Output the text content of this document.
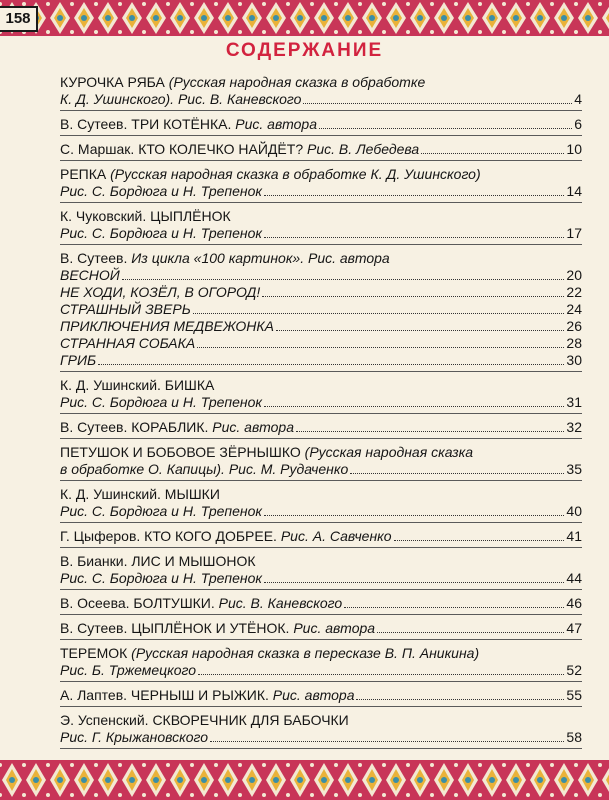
158
СОДЕРЖАНИЕ
КУРОЧКА РЯБА (Русская народная сказка в обработке
К. Д. Ушинского). Рис. В. Каневского	4
В. Сутеев. ТРИ КОТЁНКА. Рис. автора	6
С. Маршак. КТО КОЛЕЧКО НАЙДЁТ? Рис. В. Лебедева	10
РЕПКА (Русская народная сказка в обработке К. Д. Ушинского)
Рис. С. Бордюга и Н. Трепенок	14
К. Чуковский. ЦЫПЛЁНОК
Рис. С. Бордюга и Н. Трепенок	17
В. Сутеев. Из цикла «100 картинок». Рис. автора
ВЕСНОЙ	20
НЕ ХОДИ, КОЗЁЛ, В ОГОРОД!	22
СТРАШНЫЙ ЗВЕРЬ	24
ПРИКЛЮЧЕНИЯ МЕДВЕЖОНКА	26
СТРАННАЯ СОБАКА	28
ГРИБ	30
К. Д. Ушинский. БИШКА
Рис. С. Бордюга и Н. Трепенок	31
В. Сутеев. КОРАБЛИК. Рис. автора	32
ПЕТУШОК И БОБОВОЕ ЗЁРНЫШКО (Русская народная сказка
в обработке О. Капицы). Рис. М. Рудаченко	35
К. Д. Ушинский. МЫШКИ
Рис. С. Бордюга и Н. Трепенок	40
Г. Цыферов. КТО КОГО ДОБРЕЕ. Рис. А. Савченко	41
В. Бианки. ЛИС И МЫШОНОК
Рис. С. Бордюга и Н. Трепенок	44
В. Осеева. БОЛТУШКИ. Рис. В. Каневского	46
В. Сутеев. ЦЫПЛЁНОК И УТЁНОК. Рис. автора	47
ТЕРЕМОК (Русская народная сказка в пересказе В. П. Аникина)
Рис. Б. Тржемецкого	52
А. Лаптев. ЧЕРНЫШ И РЫЖИК. Рис. автора	55
Э. Успенский. СКВОРЕЧНИК ДЛЯ БАБОЧКИ
Рис. Г. Крыжановского	58
